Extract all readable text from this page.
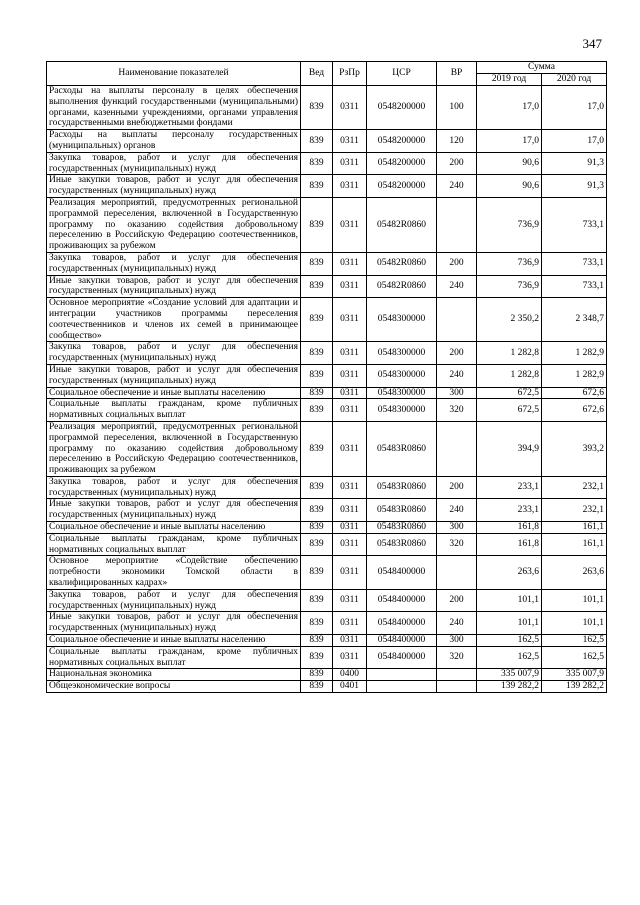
347
Наименование показателей	Вед	РзПр	ЦСР	ВР	Сумма	
					2019 год	2020 год
Расходы на выплаты персоналу в целях обеспечения выполнения функций государственными (муниципальными) органами, казенными учреждениями, органами управления государственными внебюджетными фондами	839	0311	0548200000	100	17,0	17,0
Расходы на выплаты персоналу государственных (муниципальных) органов	839	0311	0548200000	120	17,0	17,0
Закупка товаров, работ и услуг для обеспечения государственных (муниципальных) нужд	839	0311	0548200000	200	90,6	91,3
Иные закупки товаров, работ и услуг для обеспечения государственных (муниципальных) нужд	839	0311	0548200000	240	90,6	91,3
Реализация мероприятий, предусмотренных региональной программой переселения, включенной в Государственную программу по оказанию содействия добровольному переселению в Российскую Федерацию соотечественников, проживающих за рубежом	839	0311	05482R0860		736,9	733,1
Закупка товаров, работ и услуг для обеспечения государственных (муниципальных) нужд	839	0311	05482R0860	200	736,9	733,1
Иные закупки товаров, работ и услуг для обеспечения государственных (муниципальных) нужд	839	0311	05482R0860	240	736,9	733,1
Основное мероприятие «Создание условий для адаптации и интеграции участников программы переселения соотечественников и членов их семей в принимающее сообщество»	839	0311	0548300000		2 350,2	2 348,7
Закупка товаров, работ и услуг для обеспечения государственных (муниципальных) нужд	839	0311	0548300000	200	1 282,8	1 282,9
Иные закупки товаров, работ и услуг для обеспечения государственных (муниципальных) нужд	839	0311	0548300000	240	1 282,8	1 282,9
Социальное обеспечение и иные выплаты населению	839	0311	0548300000	300	672,5	672,6
Социальные выплаты гражданам, кроме публичных нормативных социальных выплат	839	0311	0548300000	320	672,5	672,6
Реализация мероприятий, предусмотренных региональной программой переселения, включенной в Государственную программу по оказанию содействия добровольному переселению в Российскую Федерацию соотечественников, проживающих за рубежом	839	0311	05483R0860		394,9	393,2
Закупка товаров, работ и услуг для обеспечения государственных (муниципальных) нужд	839	0311	05483R0860	200	233,1	232,1
Иные закупки товаров, работ и услуг для обеспечения государственных (муниципальных) нужд	839	0311	05483R0860	240	233,1	232,1
Социальное обеспечение и иные выплаты населению	839	0311	05483R0860	300	161,8	161,1
Социальные выплаты гражданам, кроме публичных нормативных социальных выплат	839	0311	05483R0860	320	161,8	161,1
Основное мероприятие «Содействие обеспечению потребности экономики Томской области в квалифицированных кадрах»	839	0311	0548400000		263,6	263,6
Закупка товаров, работ и услуг для обеспечения государственных (муниципальных) нужд	839	0311	0548400000	200	101,1	101,1
Иные закупки товаров, работ и услуг для обеспечения государственных (муниципальных) нужд	839	0311	0548400000	240	101,1	101,1
Социальное обеспечение и иные выплаты населению	839	0311	0548400000	300	162,5	162,5
Социальные выплаты гражданам, кроме публичных нормативных социальных выплат	839	0311	0548400000	320	162,5	162,5
Национальная экономика	839	0400			335 007,9	335 007,9
Общеэкономические вопросы	839	0401			139 282,2	139 282,2
